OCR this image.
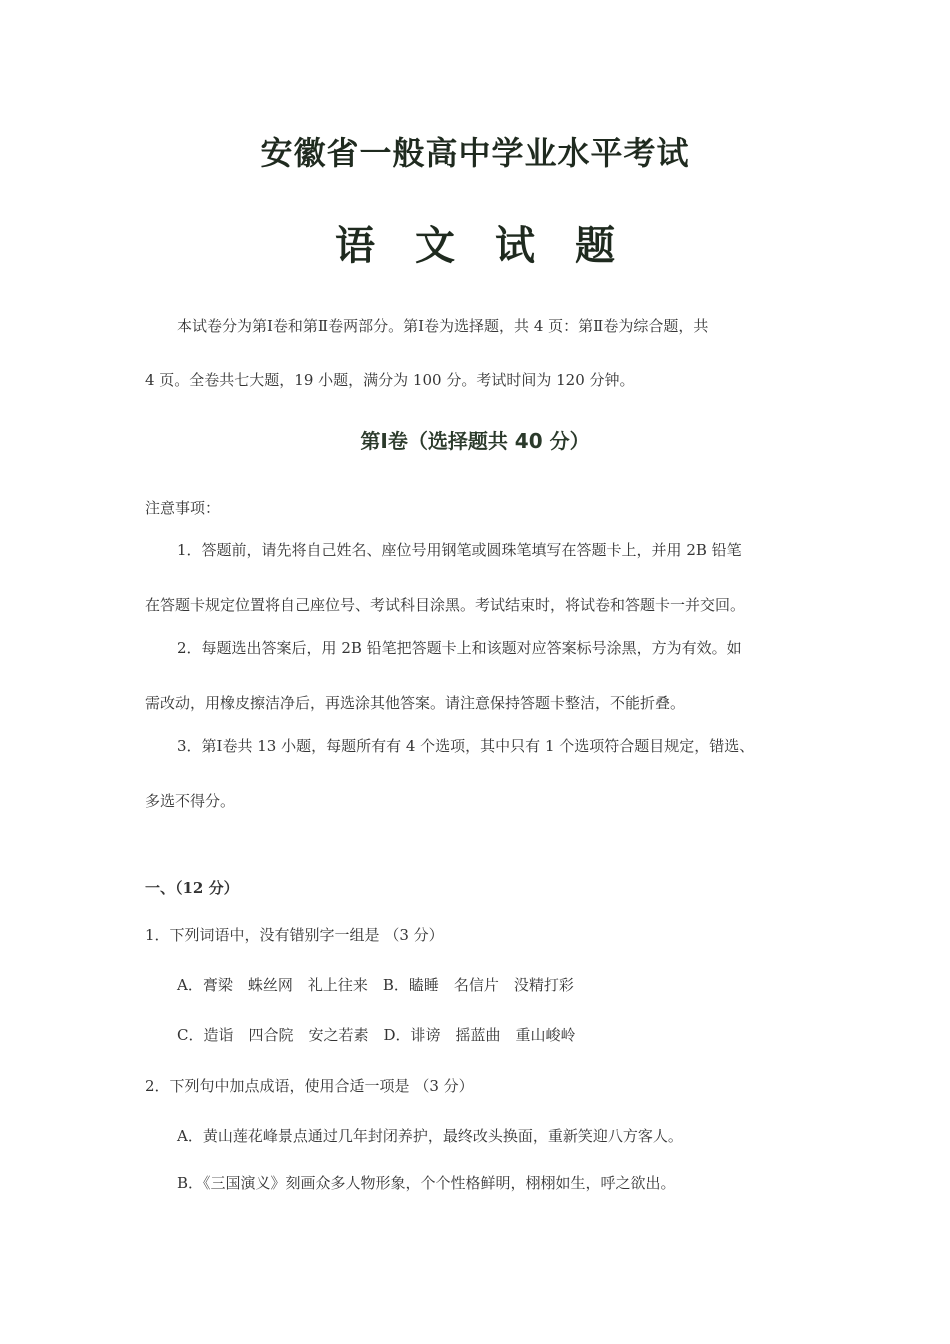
安徽省一般高中学业水平考试
语文试题
本试卷分为第Ⅰ卷和第Ⅱ卷两部分。第Ⅰ卷为选择题，共 4 页：第Ⅱ卷为综合题，共
4 页。全卷共七大题，19 小题，满分为 100 分。考试时间为 120 分钟。
第Ⅰ卷（选择题共 40 分）
注意事项：
1．答题前，请先将自己姓名、座位号用钢笔或圆珠笔填写在答题卡上，并用 2B 铅笔
在答题卡规定位置将自己座位号、考试科目涂黑。考试结束时，将试卷和答题卡一并交回。
2．每题选出答案后，用 2B 铅笔把答题卡上和该题对应答案标号涂黑，方为有效。如
需改动，用橡皮擦洁净后，再选涂其他答案。请注意保持答题卡整洁，不能折叠。
3．第Ⅰ卷共 13 小题，每题所有有 4 个选项，其中只有 1 个选项符合题目规定，错选、
多选不得分。
一、（12 分）
1．下列词语中，没有错别字一组是 （3 分）
A．膏梁　蛛丝网　礼上往来　B．瞌睡　名信片　没精打彩
C．造诣　四合院　安之若素　D．诽谤　摇蓝曲　重山峻岭
2．下列句中加点成语，使用合适一项是 （3 分）
A．黄山莲花峰景点通过几年封闭养护，最终改头换面，重新笑迎八方客人。
B．《三国演义》刻画众多人物形象，个个性格鲜明，栩栩如生，呼之欲出。
